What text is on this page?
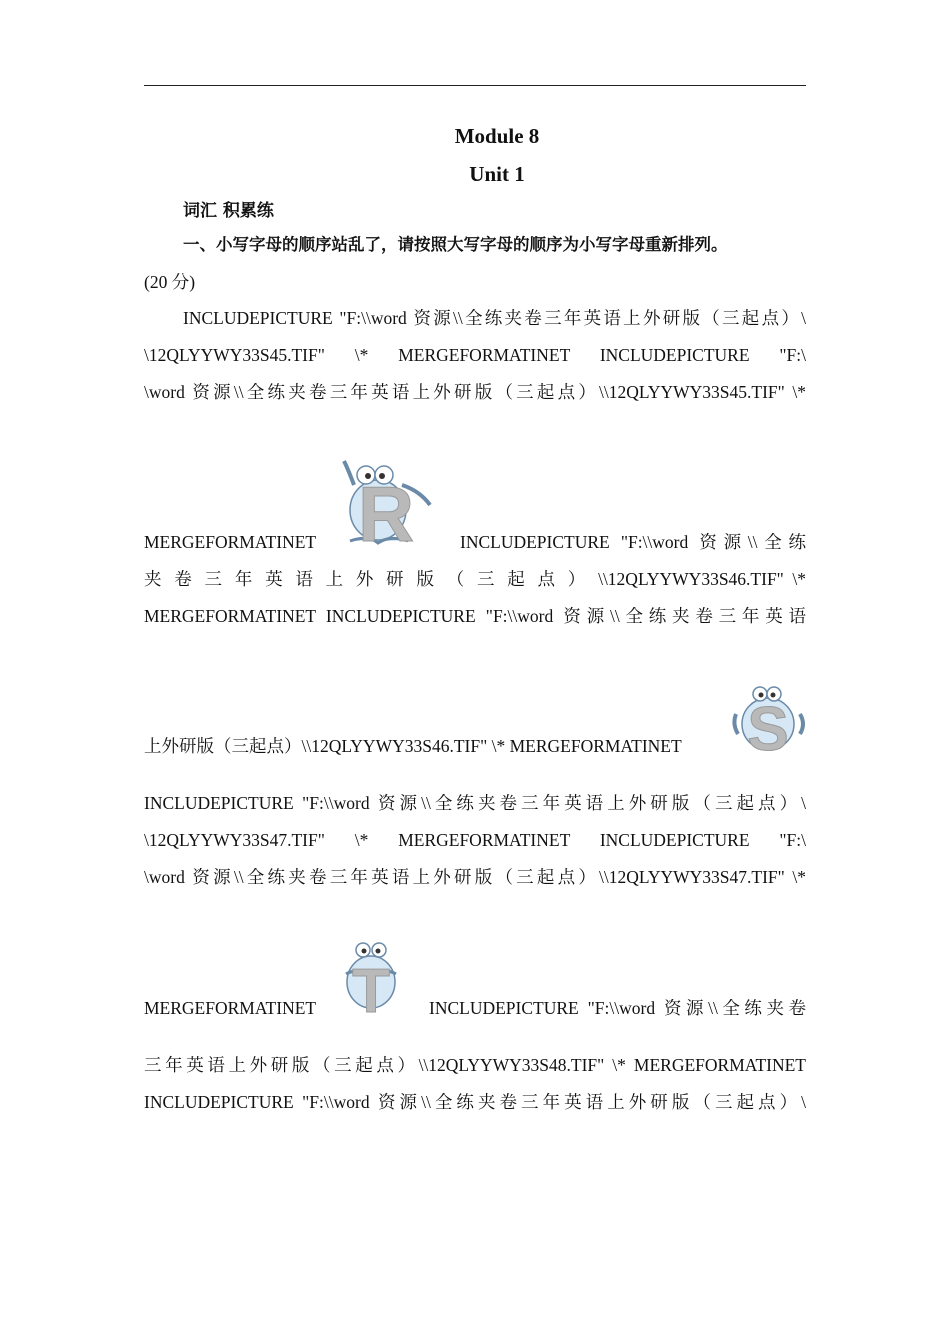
Module 8
Unit 1
词汇 积累练
一、小写字母的顺序站乱了，请按照大写字母的顺序为小写字母重新排列。
(20 分)
INCLUDEPICTURE "F:\\word 资源\\全练夹卷三年英语上外研版（三起点）\
\12QLYYWY33S45.TIF" \* MERGEFORMATINET INCLUDEPICTURE "F:\
\word 资源\\全练夹卷三年英语上外研版（三起点）\\12QLYYWY33S45.TIF" \*
MERGEFORMATINET R	INCLUDEPICTURE "F:\\word 资源\\全练
夹 卷 三 年 英 语 上 外 研 版 （ 三 起 点 ） \\12QLYYWY33S46.TIF" \*
MERGEFORMATINET INCLUDEPICTURE "F:\\word 资源\\全练夹卷三年英语
上外研版（三起点）\\12QLYYWY33S46.TIF" \* MERGEFORMATINET S
INCLUDEPICTURE "F:\\word 资源\\全练夹卷三年英语上外研版（三起点）\
\12QLYYWY33S47.TIF" \* MERGEFORMATINET INCLUDEPICTURE "F:\
\word 资源\\全练夹卷三年英语上外研版（三起点）\\12QLYYWY33S47.TIF" \*
MERGEFORMATINET T INCLUDEPICTURE "F:\\word 资源\\全练夹卷
三年英语上外研版（三起点）\\12QLYYWY33S48.TIF" \* MERGEFORMATINET
INCLUDEPICTURE "F:\\word 资源\\全练夹卷三年英语上外研版（三起点）\
